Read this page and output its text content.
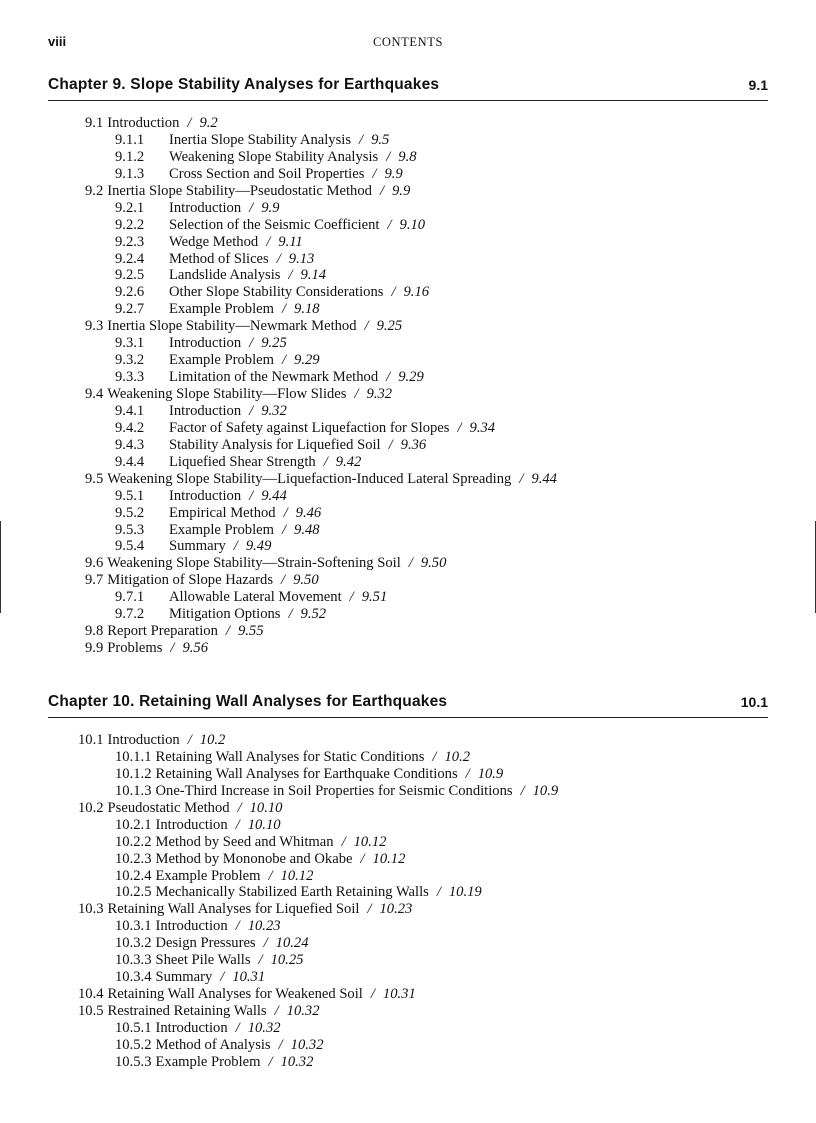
viii	CONTENTS
Chapter 9. Slope Stability Analyses for Earthquakes	9.1
9.1 Introduction / 9.2
9.1.1 Inertia Slope Stability Analysis / 9.5
9.1.2 Weakening Slope Stability Analysis / 9.8
9.1.3 Cross Section and Soil Properties / 9.9
9.2 Inertia Slope Stability—Pseudostatic Method / 9.9
9.2.1 Introduction / 9.9
9.2.2 Selection of the Seismic Coefficient / 9.10
9.2.3 Wedge Method / 9.11
9.2.4 Method of Slices / 9.13
9.2.5 Landslide Analysis / 9.14
9.2.6 Other Slope Stability Considerations / 9.16
9.2.7 Example Problem / 9.18
9.3 Inertia Slope Stability—Newmark Method / 9.25
9.3.1 Introduction / 9.25
9.3.2 Example Problem / 9.29
9.3.3 Limitation of the Newmark Method / 9.29
9.4 Weakening Slope Stability—Flow Slides / 9.32
9.4.1 Introduction / 9.32
9.4.2 Factor of Safety against Liquefaction for Slopes / 9.34
9.4.3 Stability Analysis for Liquefied Soil / 9.36
9.4.4 Liquefied Shear Strength / 9.42
9.5 Weakening Slope Stability—Liquefaction-Induced Lateral Spreading / 9.44
9.5.1 Introduction / 9.44
9.5.2 Empirical Method / 9.46
9.5.3 Example Problem / 9.48
9.5.4 Summary / 9.49
9.6 Weakening Slope Stability—Strain-Softening Soil / 9.50
9.7 Mitigation of Slope Hazards / 9.50
9.7.1 Allowable Lateral Movement / 9.51
9.7.2 Mitigation Options / 9.52
9.8 Report Preparation / 9.55
9.9 Problems / 9.56
Chapter 10. Retaining Wall Analyses for Earthquakes	10.1
10.1 Introduction / 10.2
10.1.1 Retaining Wall Analyses for Static Conditions / 10.2
10.1.2 Retaining Wall Analyses for Earthquake Conditions / 10.9
10.1.3 One-Third Increase in Soil Properties for Seismic Conditions / 10.9
10.2 Pseudostatic Method / 10.10
10.2.1 Introduction / 10.10
10.2.2 Method by Seed and Whitman / 10.12
10.2.3 Method by Mononobe and Okabe / 10.12
10.2.4 Example Problem / 10.12
10.2.5 Mechanically Stabilized Earth Retaining Walls / 10.19
10.3 Retaining Wall Analyses for Liquefied Soil / 10.23
10.3.1 Introduction / 10.23
10.3.2 Design Pressures / 10.24
10.3.3 Sheet Pile Walls / 10.25
10.3.4 Summary / 10.31
10.4 Retaining Wall Analyses for Weakened Soil / 10.31
10.5 Restrained Retaining Walls / 10.32
10.5.1 Introduction / 10.32
10.5.2 Method of Analysis / 10.32
10.5.3 Example Problem / 10.32
